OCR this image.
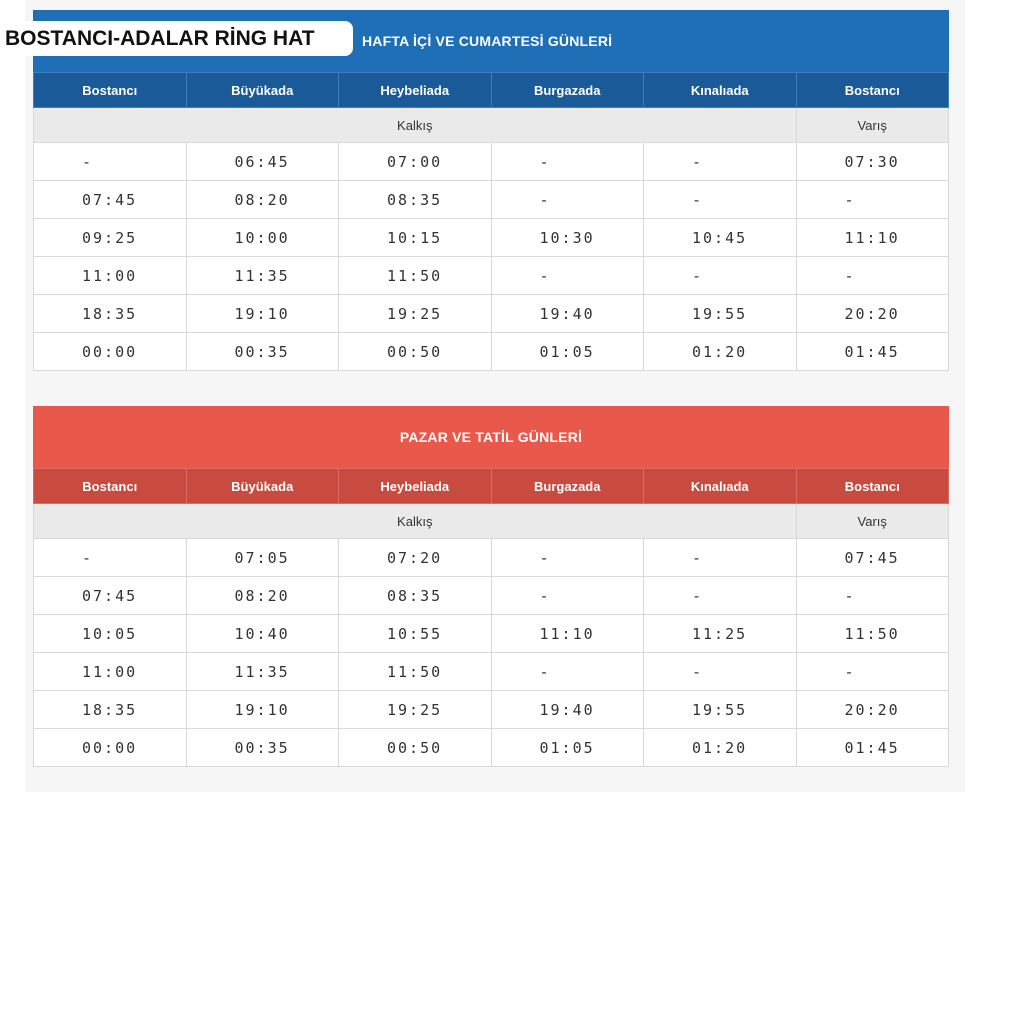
HAFTA İÇİ VE CUMARTESİ GÜNLERİ
Bostancı	Büyükada	Heybeliada	Burgazada	Kınalıada	Bostancı
Kalkış					Varış
-	06:45	07:00	-	-	07:30
07:45	08:20	08:35	-	-	-
09:25	10:00	10:15	10:30	10:45	11:10
11:00	11:35	11:50	-	-	-
18:35	19:10	19:25	19:40	19:55	20:20
00:00	00:35	00:50	01:05	01:20	01:45
PAZAR VE TATİL GÜNLERİ
Bostancı	Büyükada	Heybeliada	Burgazada	Kınalıada	Bostancı
Kalkış					Varış
-	07:05	07:20	-	-	07:45
07:45	08:20	08:35	-	-	-
10:05	10:40	10:55	11:10	11:25	11:50
11:00	11:35	11:50	-	-	-
18:35	19:10	19:25	19:40	19:55	20:20
00:00	00:35	00:50	01:05	01:20	01:45
BOSTANCI-ADALAR RİNG HAT
